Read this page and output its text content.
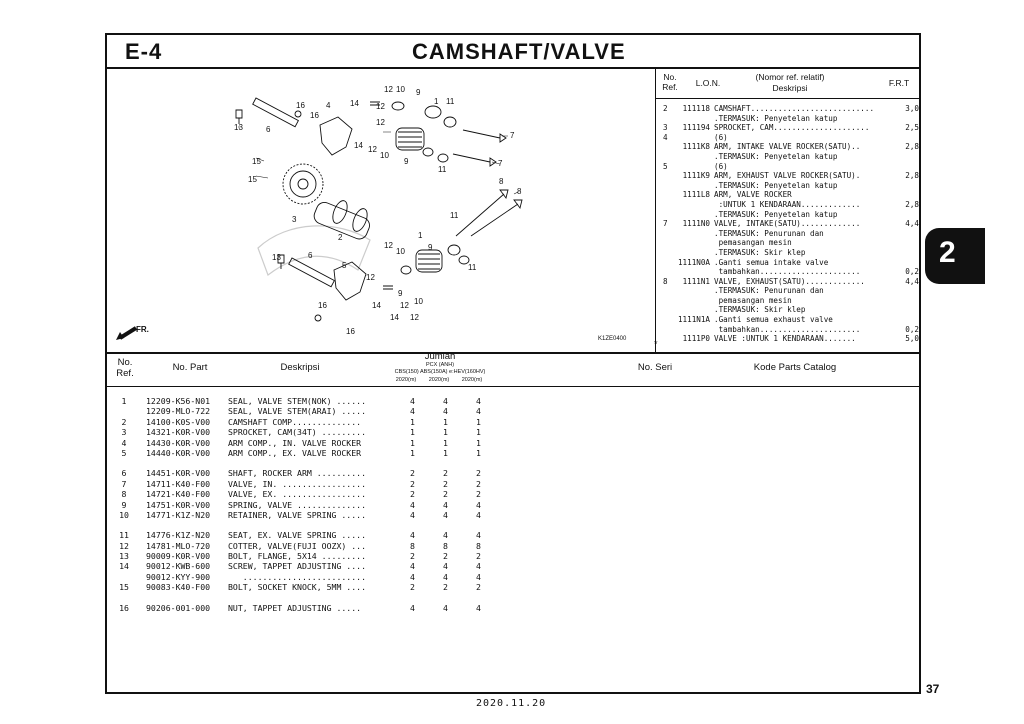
E-4	CAMSHAFT/VALVE
2
37
2020.11.20
No. Ref.	L.O.N.
(Nomor ref. relatif)
Deskripsi	F.R.T
2	111118 CAMSHAFT...........................	3,0
.TERMASUK: Penyetelan katup
3	111194 SPROCKET, CAM.....................	2,5
4	(6)
1111K8 ARM, INTAKE VALVE ROCKER(SATU)..	2,8
.TERMASUK: Penyetelan katup
5	(6)
1111K9 ARM, EXHAUST VALVE ROCKER(SATU).	2,8
.TERMASUK: Penyetelan katup
1111L8 ARM, VALVE ROCKER
:UNTUK 1 KENDARAAN.............	2,8
.TERMASUK: Penyetelan katup
7	1111N0 VALVE, INTAKE(SATU).............	4,4
.TERMASUK: Penurunan dan
pemasangan mesin
.TERMASUK: Skir klep
1111N0A .Ganti semua intake valve
tambahkan......................	0,2
8	1111N1 VALVE, EXHAUST(SATU).............	4,4
.TERMASUK: Penurunan dan
pemasangan mesin
.TERMASUK: Skir klep
1111N1A .Ganti semua exhaust valve
tambahkan......................	0,2
1111P0 VALVE :UNTUK 1 KENDARAAN.......	5,0
*
No. Ref.
No. Part	Deskripsi
Jumlah
PCX (ANH)
CBS(150) ABS(150A) e:HEV(160HV)
2020(m)	2020(m)	2020(m)
No. Seri	Kode Parts Catalog
1	12209-K56-N01	SEAL, VALVE STEM(NOK) ......	4	4	4
12209-MLO-722	SEAL, VALVE STEM(ARAI) .....	4	4	4
2	14100-K0S-V00	CAMSHAFT COMP..............	1	1	1
3	14321-K0R-V00	SPROCKET, CAM(34T) .........	1	1	1
4	14430-K0R-V00	ARM COMP., IN. VALVE ROCKER	1	1	1
5	14440-K0R-V00	ARM COMP., EX. VALVE ROCKER	1	1	1
6	14451-K0R-V00	SHAFT, ROCKER ARM ..........	2	2	2
7	14711-K40-F00	VALVE, IN. .................	2	2	2
8	14721-K40-F00	VALVE, EX. .................	2	2	2
9	14751-K0R-V00	SPRING, VALVE ..............	4	4	4
10	14771-K1Z-N20	RETAINER, VALVE SPRING .....	4	4	4
11	14776-K1Z-N20	SEAT, EX. VALVE SPRING .....	4	4	4
12	14781-MLO-720	COTTER, VALVE(FUJI OOZX) ...	8	8	8
13	90009-K0R-V00	BOLT, FLANGE, 5X14 .........	2	2	2
14	90012-KWB-600	SCREW, TAPPET ADJUSTING ....	4	4	4
90012-KYY-900	.........................	4	4	4
15	90083-K40-F00	BOLT, SOCKET KNOCK, 5MM ....	2	2	2
16	90206-001-000	NUT, TAPPET ADJUSTING .....	4	4	4
FR.
12 10 9
14 12
1 11
16	4
16
12
13	6
7
14 12
10
9
11
7
15
15
3
2
8
8
11
1
10
12	9
11
6
5
13
12
9
10
14 12
16
14 12
16
K1ZE0400
